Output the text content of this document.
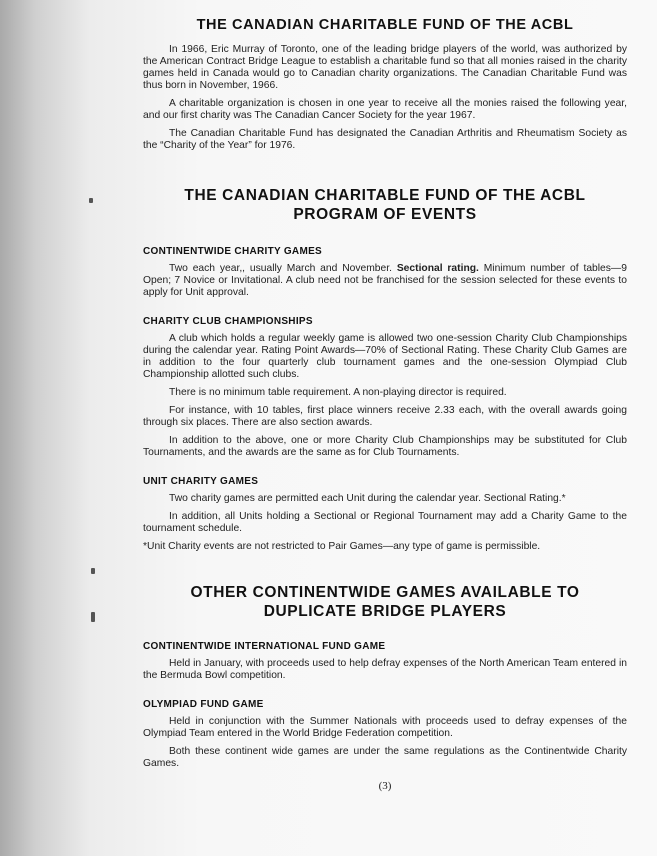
THE CANADIAN CHARITABLE FUND OF THE ACBL

In 1966, Eric Murray of Toronto, one of the leading bridge players of the world, was authorized by the American Contract Bridge League to establish a charitable fund so that all monies raised in the charity games held in Canada would go to Canadian charity organizations. The Canadian Charitable Fund was thus born in November, 1966.

A charitable organization is chosen in one year to receive all the monies raised the following year, and our first charity was The Canadian Cancer Society for the year 1967.

The Canadian Charitable Fund has designated the Canadian Arthritis and Rheumatism Society as the “Charity of the Year” for 1976.

THE CANADIAN CHARITABLE FUND OF THE ACBL
PROGRAM OF EVENTS
CONTINENTWIDE CHARITY GAMES

Two each year,, usually March and November. Sectional rating. Minimum number of tables—9 Open; 7 Novice or Invitational. A club need not be franchised for the session selected for these events to apply for Unit approval.

CHARITY CLUB CHAMPIONSHIPS

A club which holds a regular weekly game is allowed two one-session Charity Club Championships during the calendar year. Rating Point Awards—70% of Sectional Rating. These Charity Club Games are in addition to the four quarterly club tournament games and the one-session Olympiad Club Championship allotted such clubs.

There is no minimum table requirement. A non-playing director is required.

For instance, with 10 tables, first place winners receive 2.33 each, with the overall awards going through six places. There are also section awards.

In addition to the above, one or more Charity Club Championships may be substituted for Club Tournaments, and the awards are the same as for Club Tournaments.

UNIT CHARITY GAMES

Two charity games are permitted each Unit during the calendar year. Sectional Rating.*

In addition, all Units holding a Sectional or Regional Tournament may add a Charity Game to the tournament schedule.

*Unit Charity events are not restricted to Pair Games—any type of game is permissible.

OTHER CONTINENTWIDE GAMES AVAILABLE TO
DUPLICATE BRIDGE PLAYERS
CONTINENTWIDE INTERNATIONAL FUND GAME

Held in January, with proceeds used to help defray expenses of the North American Team entered in the Bermuda Bowl competition.

OLYMPIAD FUND GAME

Held in conjunction with the Summer Nationals with proceeds used to defray expenses of the Olympiad Team entered in the World Bridge Federation competition.

Both these continent wide games are under the same regulations as the Continentwide Charity Games.

(3)
